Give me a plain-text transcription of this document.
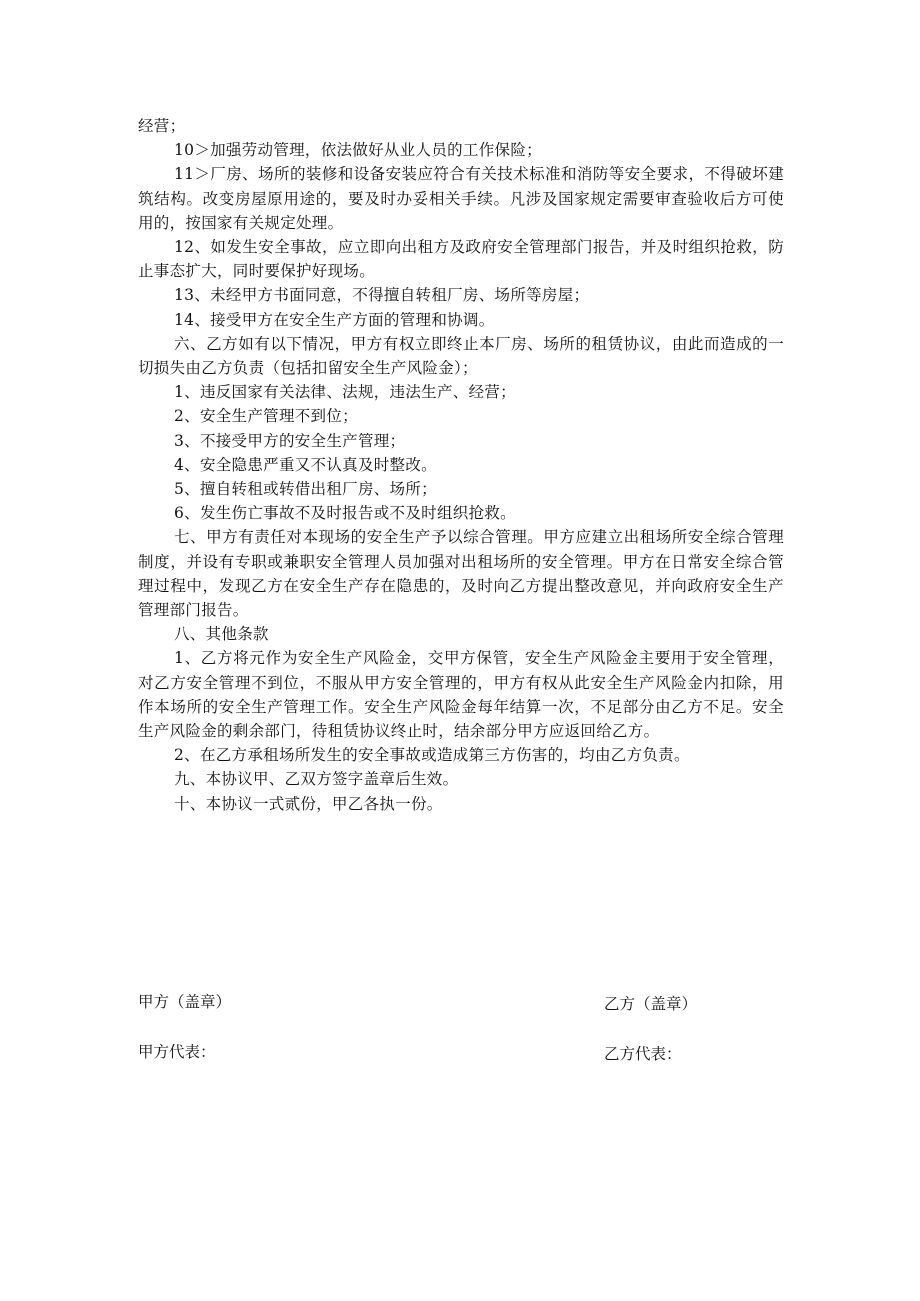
经营；

10＞加强劳动管理，依法做好从业人员的工作保险；

11＞厂房、场所的装修和设备安装应符合有关技术标准和消防等安全要求，不得破坏建筑结构。改变房屋原用途的，要及时办妥相关手续。凡涉及国家规定需要审查验收后方可使用的，按国家有关规定处理。

12、如发生安全事故，应立即向出租方及政府安全管理部门报告，并及时组织抢救，防止事态扩大，同时要保护好现场。

13、未经甲方书面同意，不得擅自转租厂房、场所等房屋；

14、接受甲方在安全生产方面的管理和协调。

六、乙方如有以下情况，甲方有权立即终止本厂房、场所的租赁协议，由此而造成的一切损失由乙方负责（包括扣留安全生产风险金）；

1、违反国家有关法律、法规，违法生产、经营；

2、安全生产管理不到位；

3、不接受甲方的安全生产管理；

4、安全隐患严重又不认真及时整改。

5、擅自转租或转借出租厂房、场所；

6、发生伤亡事故不及时报告或不及时组织抢救。

七、甲方有责任对本现场的安全生产予以综合管理。甲方应建立出租场所安全综合管理制度，并设有专职或兼职安全管理人员加强对出租场所的安全管理。甲方在日常安全综合管理过程中，发现乙方在安全生产存在隐患的，及时向乙方提出整改意见，并向政府安全生产管理部门报告。

八、其他条款

1、乙方将元作为安全生产风险金，交甲方保管，安全生产风险金主要用于安全管理，对乙方安全管理不到位，不服从甲方安全管理的，甲方有权从此安全生产风险金内扣除，用作本场所的安全生产管理工作。安全生产风险金每年结算一次，不足部分由乙方不足。安全生产风险金的剩余部门，待租赁协议终止时，结余部分甲方应返回给乙方。

2、在乙方承租场所发生的安全事故或造成第三方伤害的，均由乙方负责。

九、本协议甲、乙双方签字盖章后生效。

十、本协议一式贰份，甲乙各执一份。

甲方（盖章）	乙方（盖章）
甲方代表：	乙方代表：
